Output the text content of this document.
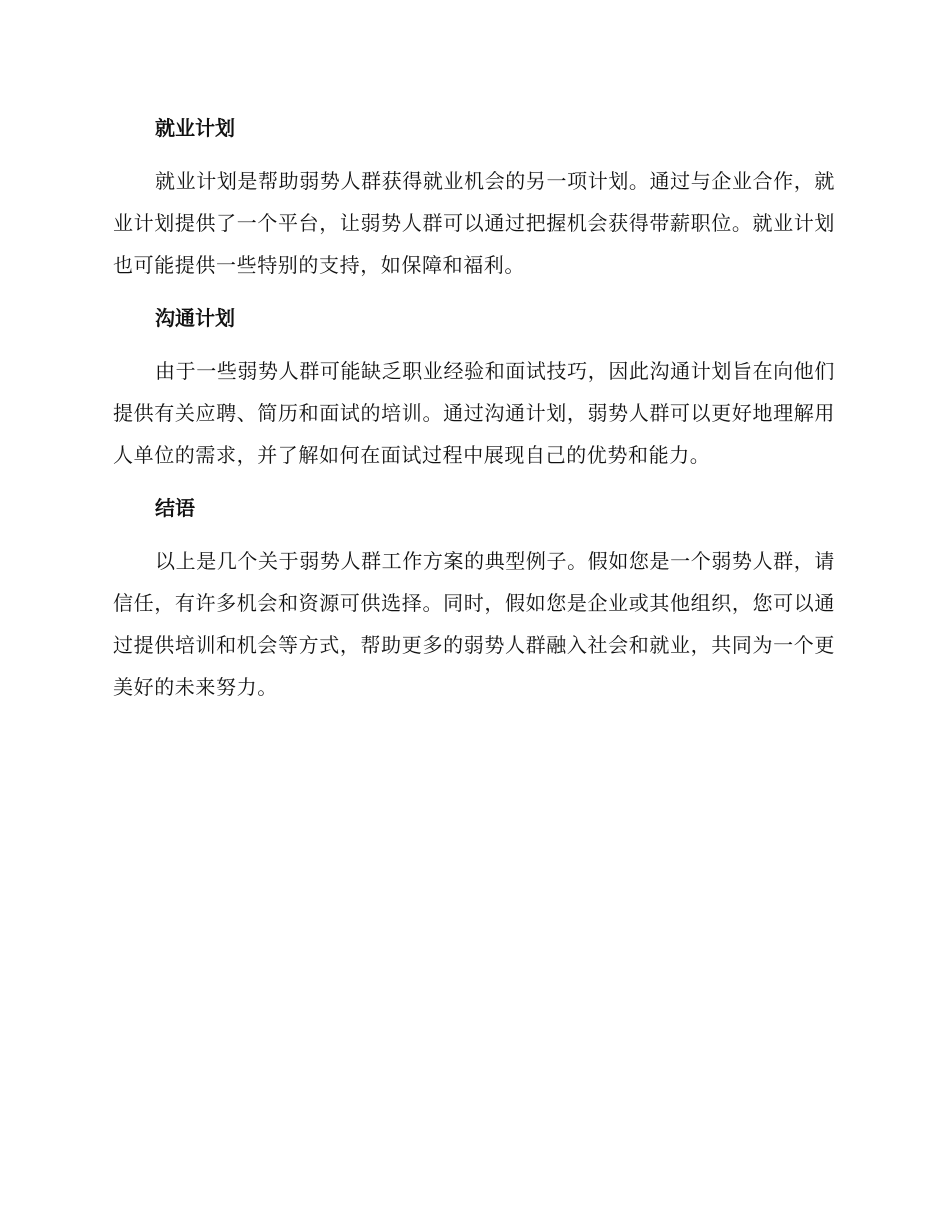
就业计划
就业计划是帮助弱势人群获得就业机会的另一项计划。通过与企业合作，就业计划提供了一个平台，让弱势人群可以通过把握机会获得带薪职位。就业计划也可能提供一些特别的支持，如保障和福利。
沟通计划
由于一些弱势人群可能缺乏职业经验和面试技巧，因此沟通计划旨在向他们提供有关应聘、简历和面试的培训。通过沟通计划，弱势人群可以更好地理解用人单位的需求，并了解如何在面试过程中展现自己的优势和能力。
结语
以上是几个关于弱势人群工作方案的典型例子。假如您是一个弱势人群，请信任，有许多机会和资源可供选择。同时，假如您是企业或其他组织，您可以通过提供培训和机会等方式，帮助更多的弱势人群融入社会和就业，共同为一个更美好的未来努力。
